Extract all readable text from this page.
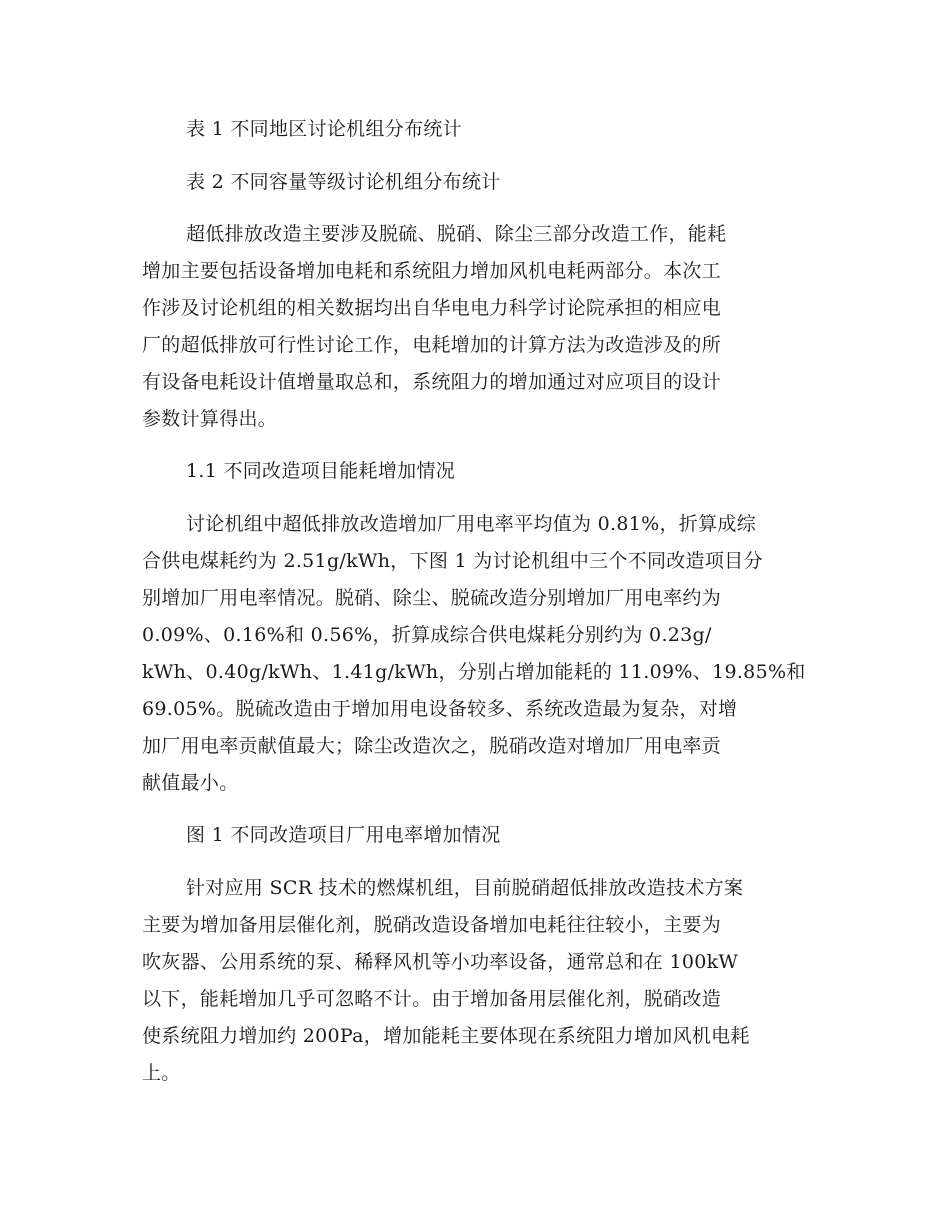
表 1 不同地区讨论机组分布统计
表 2 不同容量等级讨论机组分布统计
超低排放改造主要涉及脱硫、脱硝、除尘三部分改造工作，能耗
增加主要包括设备增加电耗和系统阻力增加风机电耗两部分。本次工
作涉及讨论机组的相关数据均出自华电电力科学讨论院承担的相应电
厂的超低排放可行性讨论工作，电耗增加的计算方法为改造涉及的所
有设备电耗设计值增量取总和，系统阻力的增加通过对应项目的设计
参数计算得出。
1.1 不同改造项目能耗增加情况
讨论机组中超低排放改造增加厂用电率平均值为 0.81%，折算成综
合供电煤耗约为 2.51g/kWh，下图 1 为讨论机组中三个不同改造项目分
别增加厂用电率情况。脱硝、除尘、脱硫改造分别增加厂用电率约为
0.09%、0.16%和 0.56%，折算成综合供电煤耗分别约为 0.23g/
kWh、0.40g/kWh、1.41g/kWh，分别占增加能耗的 11.09%、19.85%和
69.05%。脱硫改造由于增加用电设备较多、系统改造最为复杂，对增
加厂用电率贡献值最大；除尘改造次之，脱硝改造对增加厂用电率贡
献值最小。
图 1 不同改造项目厂用电率增加情况
针对应用 SCR 技术的燃煤机组，目前脱硝超低排放改造技术方案
主要为增加备用层催化剂，脱硝改造设备增加电耗往往较小，主要为
吹灰器、公用系统的泵、稀释风机等小功率设备，通常总和在 100kW
以下，能耗增加几乎可忽略不计。由于增加备用层催化剂，脱硝改造
使系统阻力增加约 200Pa，增加能耗主要体现在系统阻力增加风机电耗
上。
